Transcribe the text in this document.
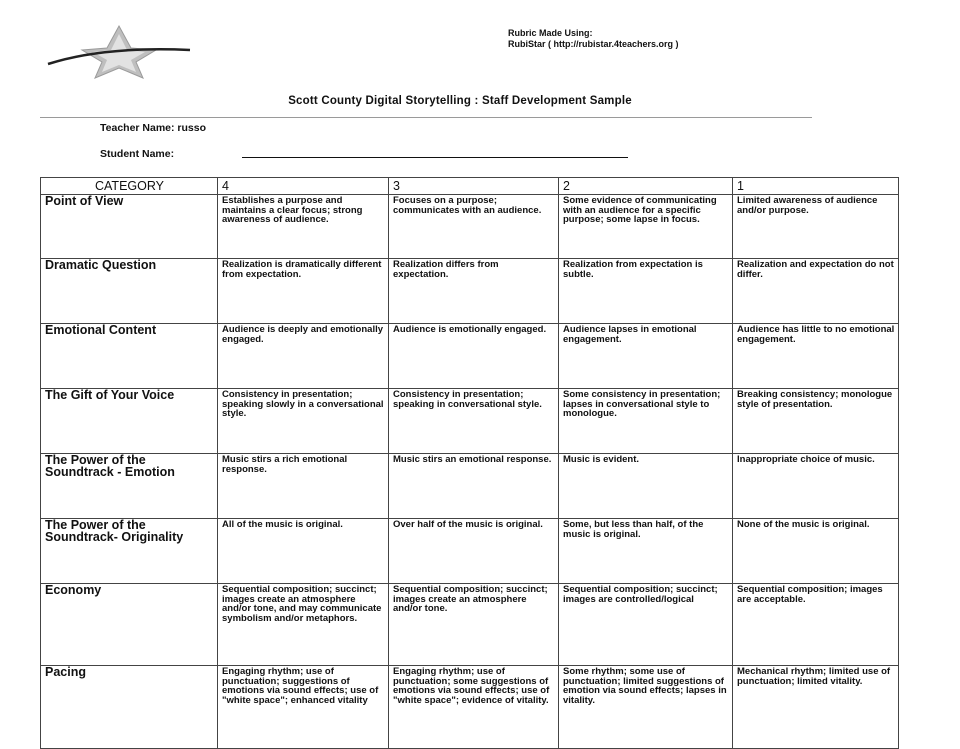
Rubric Made Using:
RubiStar ( http://rubistar.4teachers.org )
Scott County Digital Storytelling : Staff Development Sample
Teacher Name: russo
Student Name:
CATEGORY	4	3	2	1
Point of View	Establishes a purpose and maintains a clear focus; strong awareness of audience.	Focuses on a purpose; communicates with an audience.	Some evidence of communicating with an audience for a specific purpose; some lapse in focus.	Limited awareness of audience and/or purpose.
Dramatic Question	Realization is dramatically different from expectation.	Realization differs from expectation.	Realization from expectation is subtle.	Realization and expectation do not differ.
Emotional Content	Audience is deeply and emotionally engaged.	Audience is emotionally engaged.	Audience lapses in emotional engagement.	Audience has little to no emotional engagement.
The Gift of Your Voice	Consistency in presentation; speaking slowly in a conversational style.	Consistency in presentation; speaking in conversational style.	Some consistency in presentation; lapses in conversational style to monologue.	Breaking consistency; monologue style of presentation.
The Power of the Soundtrack - Emotion	Music stirs a rich emotional response.	Music stirs an emotional response.	Music is evident.	Inappropriate choice of music.
The Power of the Soundtrack- Originality	All of the music is original.	Over half of the music is original.	Some, but less than half, of the music is original.	None of the music is original.
Economy	Sequential composition; succinct; images create an atmosphere and/or tone, and may communicate symbolism and/or metaphors.	Sequential composition; succinct; images create an atmosphere and/or tone.	Sequential composition; succinct; images are controlled/logical	Sequential composition; images are acceptable.
Pacing	Engaging rhythm; use of punctuation; suggestions of emotions via sound effects; use of "white space"; enhanced vitality	Engaging rhythm; use of punctuation; some suggestions of emotions via sound effects; use of "white space"; evidence of vitality.	Some rhythm; some use of punctuation; limited suggestions of emotion via sound effects; lapses in vitality.	Mechanical rhythm; limited use of punctuation; limited vitality.
